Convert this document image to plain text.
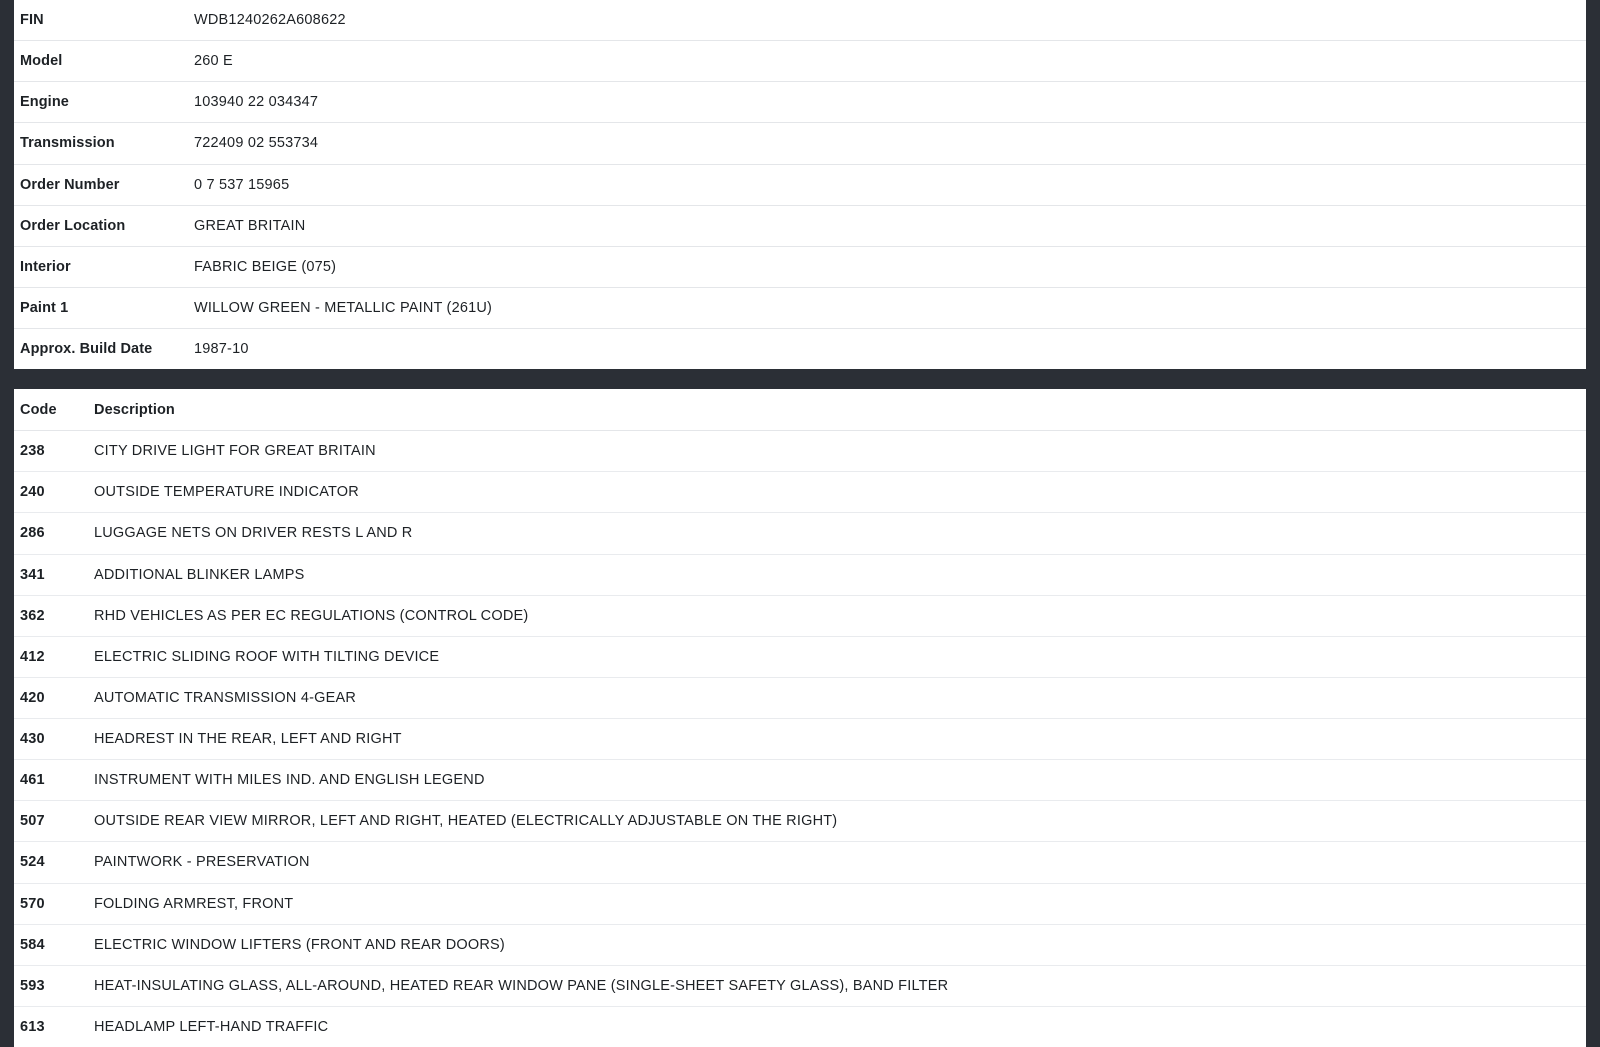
FIN	WDB1240262A608622
Model	260 E
Engine	103940 22 034347
Transmission	722409 02 553734
Order Number	0 7 537 15965
Order Location	GREAT BRITAIN
Interior	FABRIC BEIGE (075)
Paint 1	WILLOW GREEN - METALLIC PAINT (261U)
Approx. Build Date	1987-10
Code	Description
238	CITY DRIVE LIGHT FOR GREAT BRITAIN
240	OUTSIDE TEMPERATURE INDICATOR
286	LUGGAGE NETS ON DRIVER RESTS L AND R
341	ADDITIONAL BLINKER LAMPS
362	RHD VEHICLES AS PER EC REGULATIONS (CONTROL CODE)
412	ELECTRIC SLIDING ROOF WITH TILTING DEVICE
420	AUTOMATIC TRANSMISSION 4-GEAR
430	HEADREST IN THE REAR, LEFT AND RIGHT
461	INSTRUMENT WITH MILES IND. AND ENGLISH LEGEND
507	OUTSIDE REAR VIEW MIRROR, LEFT AND RIGHT, HEATED (ELECTRICALLY ADJUSTABLE ON THE RIGHT)
524	PAINTWORK - PRESERVATION
570	FOLDING ARMREST, FRONT
584	ELECTRIC WINDOW LIFTERS (FRONT AND REAR DOORS)
593	HEAT-INSULATING GLASS, ALL-AROUND, HEATED REAR WINDOW PANE (SINGLE-SHEET SAFETY GLASS), BAND FILTER
613	HEADLAMP LEFT-HAND TRAFFIC
